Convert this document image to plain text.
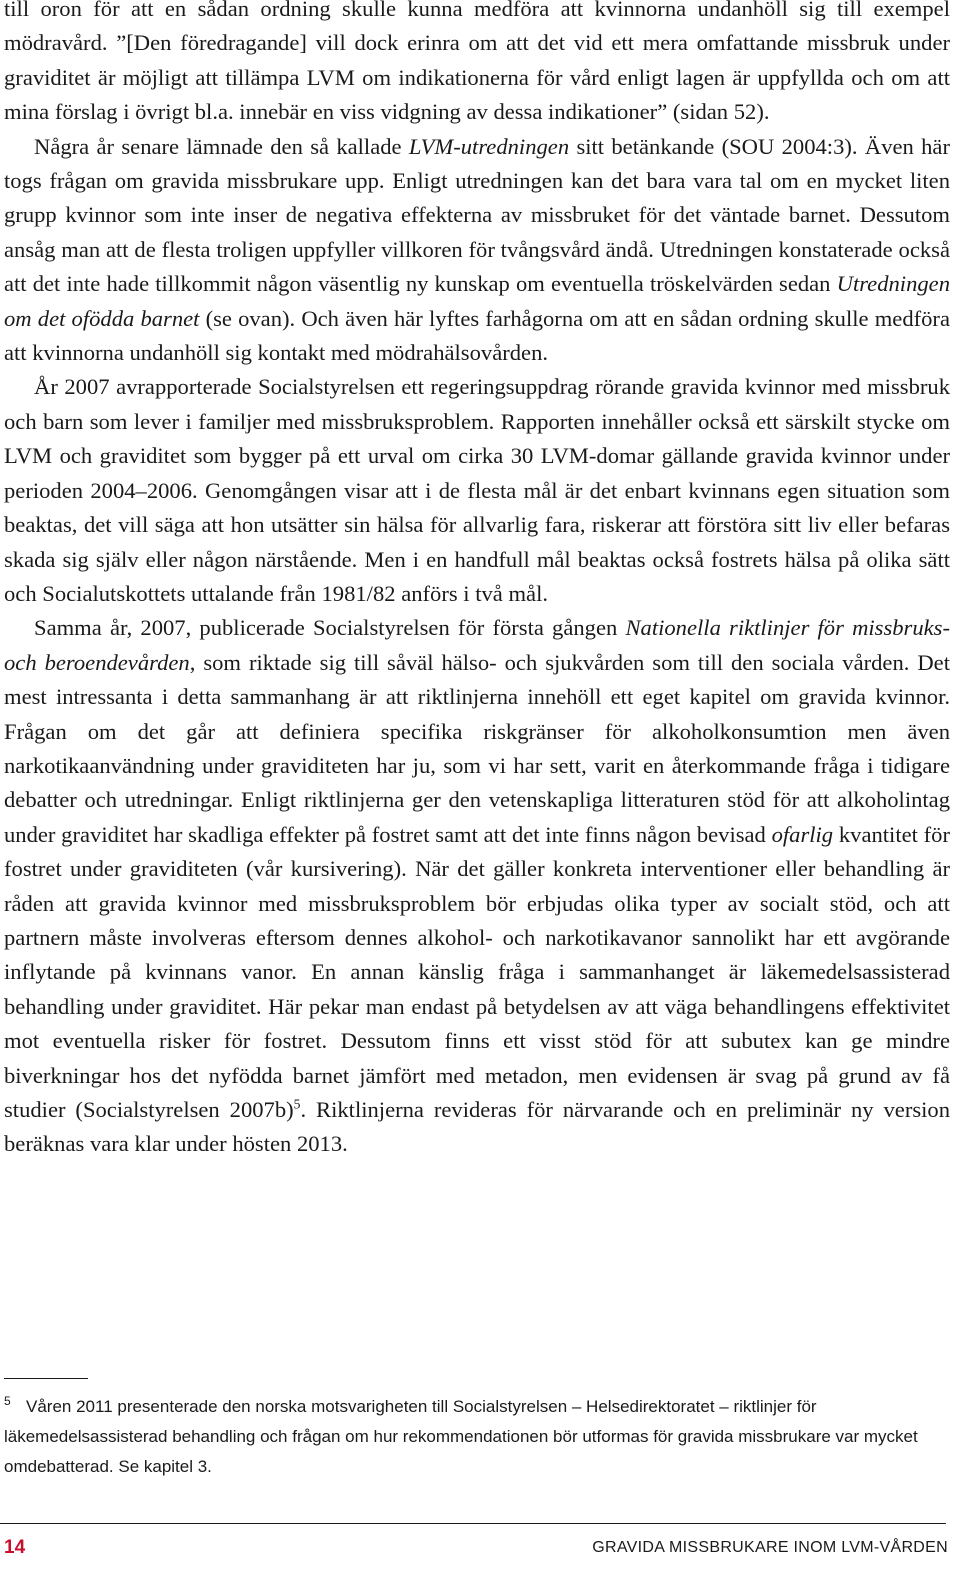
till oron för att en sådan ordning skulle kunna medföra att kvinnorna undanhöll sig till exempel mödravård. ”[Den föredragande] vill dock erinra om att det vid ett mera omfattande missbruk under graviditet är möjligt att tillämpa LVM om indikationerna för vård enligt lagen är uppfyllda och om att mina förslag i övrigt bl.a. innebär en viss vidgning av dessa indikationer” (sidan 52).

Några år senare lämnade den så kallade LVM-utredningen sitt betänkande (SOU 2004:3). Även här togs frågan om gravida missbrukare upp. Enligt utredningen kan det bara vara tal om en mycket liten grupp kvinnor som inte inser de negativa effekterna av missbruket för det väntade barnet. Dessutom ansåg man att de flesta troligen uppfyller villkoren för tvångsvård ändå. Utredningen konstaterade också att det inte hade tillkommit någon väsentlig ny kunskap om eventuella tröskelvärden sedan Utredningen om det ofödda barnet (se ovan). Och även här lyftes farhågorna om att en sådan ordning skulle medföra att kvinnorna undanhöll sig kontakt med mödrahälsovården.

År 2007 avrapporterade Socialstyrelsen ett regeringsuppdrag rörande gravida kvinnor med missbruk och barn som lever i familjer med missbruksproblem. Rapporten innehåller också ett särskilt stycke om LVM och graviditet som bygger på ett urval om cirka 30 LVM-domar gällande gravida kvinnor under perioden 2004–2006. Genomgången visar att i de flesta mål är det enbart kvinnans egen situation som beaktas, det vill säga att hon utsätter sin hälsa för allvarlig fara, riskerar att förstöra sitt liv eller befaras skada sig själv eller någon närstående. Men i en handfull mål beaktas också fostrets hälsa på olika sätt och Socialutskottets uttalande från 1981/82 anförs i två mål.

Samma år, 2007, publicerade Socialstyrelsen för första gången Nationella riktlinjer för missbruks- och beroendevården, som riktade sig till såväl hälso- och sjukvården som till den sociala vården. Det mest intressanta i detta sammanhang är att riktlinjerna innehöll ett eget kapitel om gravida kvinnor. Frågan om det går att definiera specifika riskgränser för alkoholkonsumtion men även narkotikaanvändning under graviditeten har ju, som vi har sett, varit en återkommande fråga i tidigare debatter och utredningar. Enligt riktlinjerna ger den vetenskapliga litteraturen stöd för att alkoholintag under graviditet har skadliga effekter på fostret samt att det inte finns någon bevisad ofarlig kvantitet för fostret under graviditeten (vår kursivering). När det gäller konkreta interventioner eller behandling är råden att gravida kvinnor med missbruksproblem bör erbjudas olika typer av socialt stöd, och att partnern måste involveras eftersom dennes alkohol- och narkotikavanor sannolikt har ett avgörande inflytande på kvinnans vanor. En annan känslig fråga i sammanhanget är läkemedelsassisterad behandling under graviditet. Här pekar man endast på betydelsen av att väga behandlingens effektivitet mot eventuella risker för fostret. Dessutom finns ett visst stöd för att subutex kan ge mindre biverkningar hos det nyfödda barnet jämfört med metadon, men evidensen är svag på grund av få studier (Socialstyrelsen 2007b)$^5$. Riktlinjerna revideras för närvarande och en preliminär ny version beräknas vara klar under hösten 2013.

5 Våren 2011 presenterade den norska motsvarigheten till Socialstyrelsen – Helsedirektoratet – riktlinjer för läkemedelsassisterad behandling och frågan om hur rekommendationen bör utformas för gravida missbrukare var mycket omdebatterad. Se kapitel 3.

14	GRAVIDA MISSBRUKARE INOM LVM-VÅRDEN
